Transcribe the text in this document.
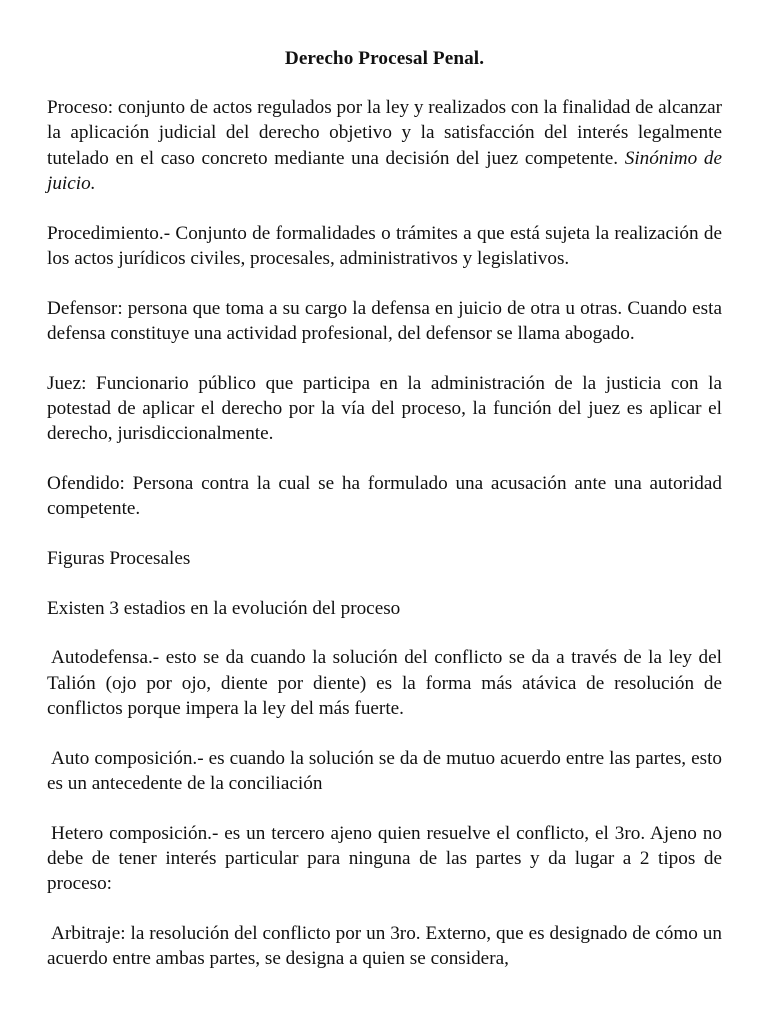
Derecho Procesal Penal.

Proceso: conjunto de actos regulados por la ley y realizados con la finalidad de alcanzar la aplicación judicial del derecho objetivo y la satisfacción del interés legalmente tutelado en el caso concreto mediante una decisión del juez competente. Sinónimo de juicio.

Procedimiento.- Conjunto de formalidades o trámites a que está sujeta la realización de los actos jurídicos civiles, procesales, administrativos y legislativos.

Defensor: persona que toma a su cargo la defensa en juicio de otra u otras. Cuando esta defensa constituye una actividad profesional, del defensor se llama abogado.

Juez: Funcionario público que participa en la administración de la justicia con la potestad de aplicar el derecho por la vía del proceso, la función del juez es aplicar el derecho, jurisdiccionalmente.

Ofendido: Persona contra la cual se ha formulado una acusación ante una autoridad competente.

Figuras Procesales

Existen 3 estadios en la evolución del proceso

Autodefensa.- esto se da cuando la solución del conflicto se da a través de la ley del Talión (ojo por ojo, diente por diente) es la forma más atávica de resolución de conflictos porque impera la ley del más fuerte.

Auto composición.- es cuando la solución se da de mutuo acuerdo entre las partes, esto es un antecedente de la conciliación

Hetero composición.- es un tercero ajeno quien resuelve el conflicto, el 3ro. Ajeno no debe de tener interés particular para ninguna de las partes y da lugar a 2 tipos de proceso:

Arbitraje: la resolución del conflicto por un 3ro. Externo, que es designado de cómo un acuerdo entre ambas partes, se designa a quien se considera,
